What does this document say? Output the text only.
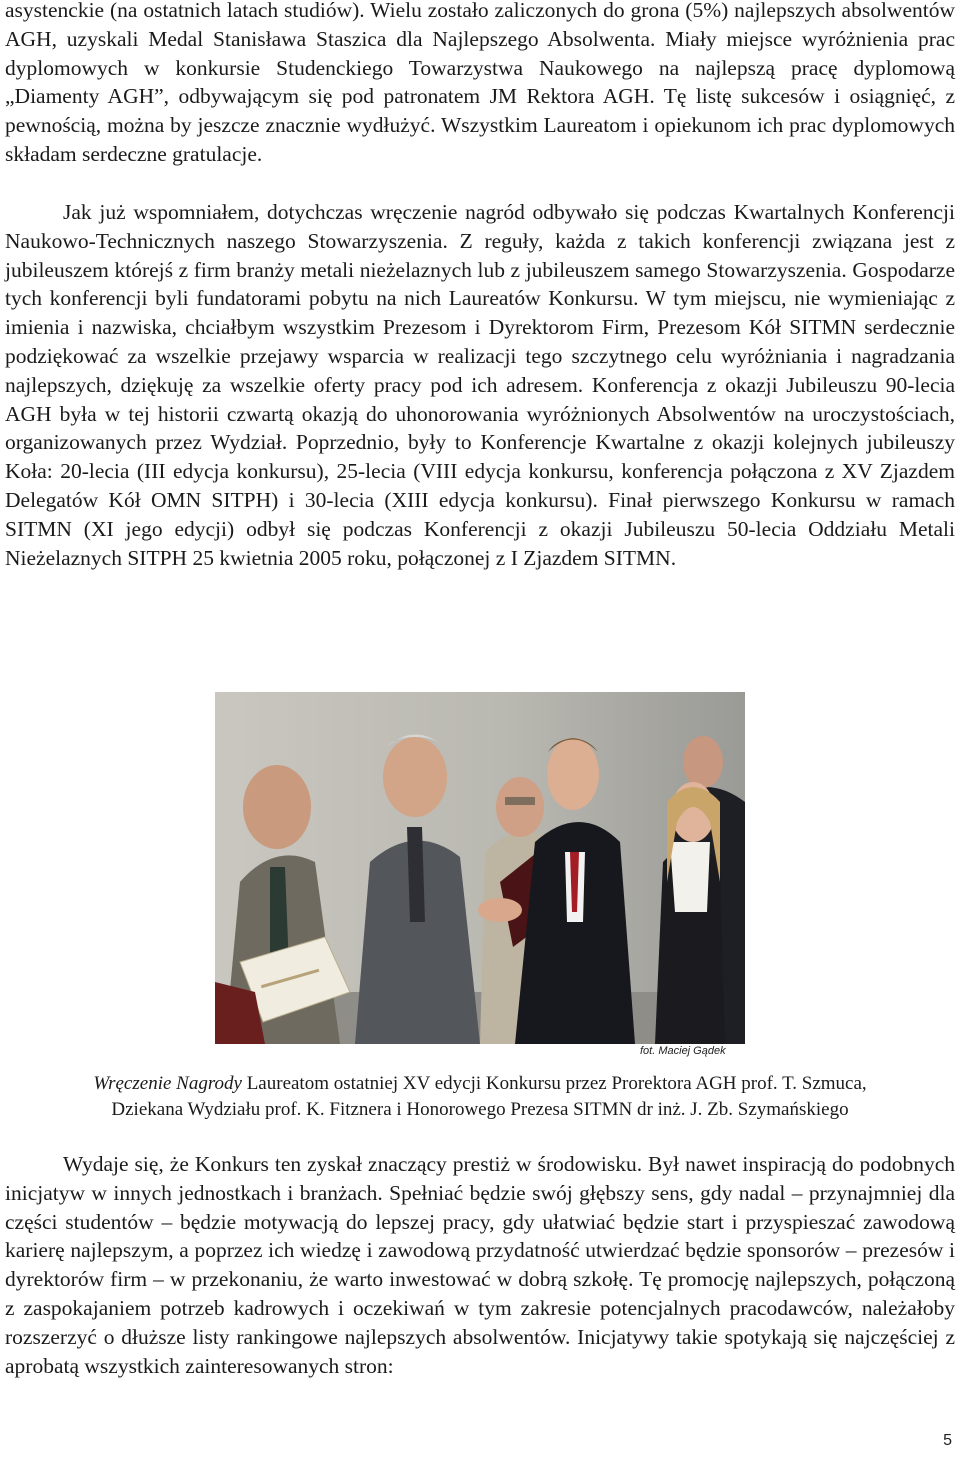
asystenckie (na ostatnich latach studiów). Wielu zostało zaliczonych do grona (5%) najlepszych absolwentów AGH, uzyskali Medal Stanisława Staszica dla Najlepszego Absolwenta. Miały miejsce wyróżnienia prac dyplomowych w konkursie Studenckiego Towarzystwa Naukowego na najlepszą pracę dyplomową „Diamenty AGH”, odbywającym się pod patronatem JM Rektora AGH. Tę listę sukcesów i osiągnięć, z pewnością, można by jeszcze znacznie wydłużyć. Wszystkim Laureatom i opiekunom ich prac dyplomowych składam serdeczne gratulacje.

Jak już wspomniałem, dotychczas wręczenie nagród odbywało się podczas Kwartalnych Konferencji Naukowo-Technicznych naszego Stowarzyszenia. Z reguły, każda z takich konferencji związana jest z jubileuszem którejś z firm branży metali nieżelaznych lub z jubileuszem samego Stowarzyszenia. Gospodarze tych konferencji byli fundatorami pobytu na nich Laureatów Konkursu. W tym miejscu, nie wymieniając z imienia i nazwiska, chciałbym wszystkim Prezesom i Dyrektorom Firm, Prezesom Kół SITMN serdecznie podziękować za wszelkie przejawy wsparcia w realizacji tego szczytnego celu wyróżniania i nagradzania najlepszych, dziękuję za wszelkie oferty pracy pod ich adresem. Konferencja z okazji Jubileuszu 90-lecia AGH była w tej historii czwartą okazją do uhonorowania wyróżnionych Absolwentów na uroczystościach, organizowanych przez Wydział. Poprzednio, były to Konferencje Kwartalne z okazji kolejnych jubileuszy Koła: 20-lecia (III edycja konkursu), 25-lecia (VIII edycja konkursu, konferencja połączona z XV Zjazdem Delegatów Kół OMN SITPH) i 30-lecia (XIII edycja konkursu). Finał pierwszego Konkursu w ramach SITMN (XI jego edycji) odbył się podczas Konferencji z okazji Jubileuszu 50-lecia Oddziału Metali Nieżelaznych SITPH 25 kwietnia 2005 roku, połączonej z I Zjazdem SITMN.

fot. Maciej Gądek

Wręczenie Nagrody Laureatom ostatniej XV edycji Konkursu przez Prorektora AGH prof. T. Szmuca,

Dziekana Wydziału prof. K. Fitznera i Honorowego Prezesa SITMN dr inż. J. Zb. Szymańskiego

Wydaje się, że Konkurs ten zyskał znaczący prestiż w środowisku. Był nawet inspiracją do podobnych inicjatyw w innych jednostkach i branżach. Spełniać będzie swój głębszy sens, gdy nadal – przynajmniej dla części studentów – będzie motywacją do lepszej pracy, gdy ułatwiać będzie start i przyspieszać zawodową karierę najlepszym, a poprzez ich wiedzę i zawodową przydatność utwierdzać będzie sponsorów – prezesów i dyrektorów firm – w przekonaniu, że warto inwestować w dobrą szkołę. Tę promocję najlepszych, połączoną z zaspokajaniem potrzeb kadrowych i oczekiwań w tym zakresie potencjalnych pracodawców, należałoby rozszerzyć o dłuższe listy rankingowe najlepszych absolwentów. Inicjatywy takie spotykają się najczęściej z aprobatą wszystkich zainteresowanych stron:

5
